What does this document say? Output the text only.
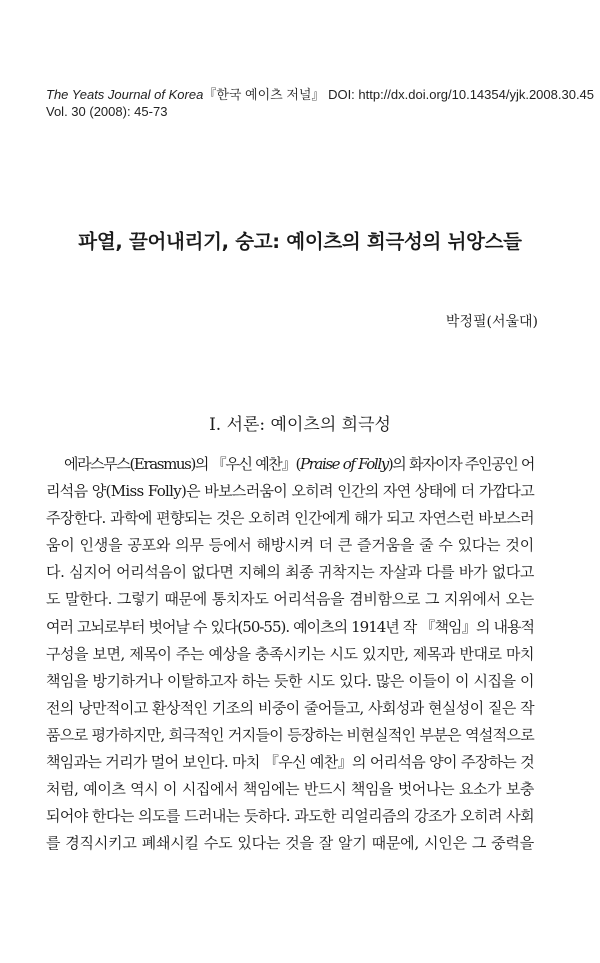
The Yeats Journal of Korea『한국 예이츠 저널』 DOI: http://dx.doi.org/10.14354/yjk.2008.30.45
Vol. 30 (2008): 45-73
파열, 끌어내리기, 숭고: 예이츠의 희극성의 뉘앙스들
박정필(서울대)
I. 서론: 예이츠의 희극성
에라스무스(Erasmus)의 『우신 예찬』(Praise of Folly)의 화자이자 주인공인 어
리석음 양(Miss Folly)은 바보스러움이 오히려 인간의 자연 상태에 더 가깝다고
주장한다. 과학에 편향되는 것은 오히려 인간에게 해가 되고 자연스런 바보스러
움이 인생을 공포와 의무 등에서 해방시켜 더 큰 즐거움을 줄 수 있다는 것이
다. 심지어 어리석음이 없다면 지혜의 최종 귀착지는 자살과 다를 바가 없다고
도 말한다. 그렇기 때문에 통치자도 어리석음을 겸비함으로 그 지위에서 오는
여러 고뇌로부터 벗어날 수 있다(50-55). 예이츠의 1914년 작 『책임』의 내용적
구성을 보면, 제목이 주는 예상을 충족시키는 시도 있지만, 제목과 반대로 마치
책임을 방기하거나 이탈하고자 하는 듯한 시도 있다. 많은 이들이 이 시집을 이
전의 낭만적이고 환상적인 기조의 비중이 줄어들고, 사회성과 현실성이 짙은 작
품으로 평가하지만, 희극적인 거지들이 등장하는 비현실적인 부분은 역설적으로
책임과는 거리가 멀어 보인다. 마치 『우신 예찬』의 어리석음 양이 주장하는 것
처럼, 예이츠 역시 이 시집에서 책임에는 반드시 책임을 벗어나는 요소가 보충
되어야 한다는 의도를 드러내는 듯하다. 과도한 리얼리즘의 강조가 오히려 사회
를 경직시키고 폐쇄시킬 수도 있다는 것을 잘 알기 때문에, 시인은 그 중력을
